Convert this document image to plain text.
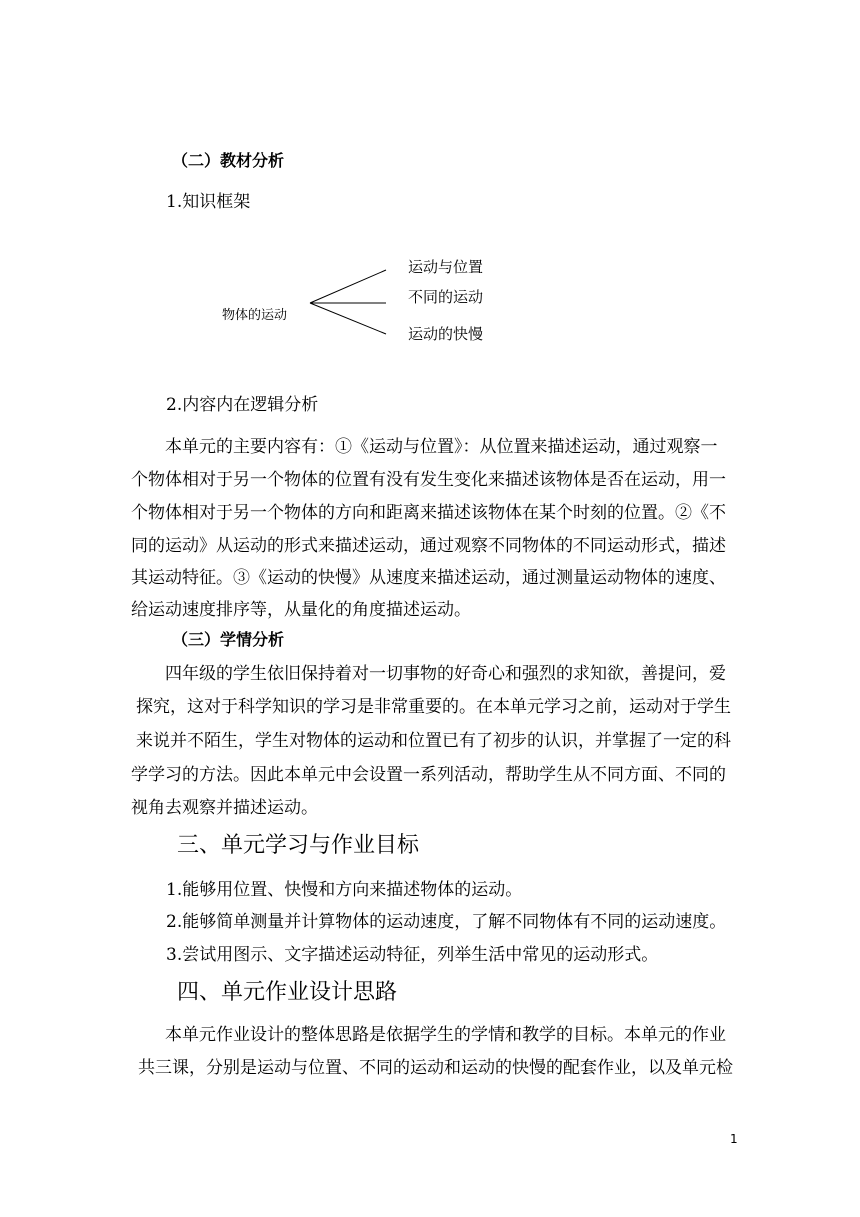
（二）教材分析
1.知识框架
物体的运动
运动与位置
不同的运动
运动的快慢
2.内容内在逻辑分析
本单元的主要内容有：①《运动与位置》：从位置来描述运动，通过观察一
个物体相对于另一个物体的位置有没有发生变化来描述该物体是否在运动，用一
个物体相对于另一个物体的方向和距离来描述该物体在某个时刻的位置。②《不
同的运动》从运动的形式来描述运动，通过观察不同物体的不同运动形式，描述
其运动特征。③《运动的快慢》从速度来描述运动，通过测量运动物体的速度、
给运动速度排序等，从量化的角度描述运动。
（三）学情分析
四年级的学生依旧保持着对一切事物的好奇心和强烈的求知欲，善提问，爱
探究，这对于科学知识的学习是非常重要的。在本单元学习之前，运动对于学生
来说并不陌生，学生对物体的运动和位置已有了初步的认识，并掌握了一定的科
学学习的方法。因此本单元中会设置一系列活动，帮助学生从不同方面、不同的
视角去观察并描述运动。
三、单元学习与作业目标
1.能够用位置、快慢和方向来描述物体的运动。
2.能够简单测量并计算物体的运动速度，了解不同物体有不同的运动速度。
3.尝试用图示、文字描述运动特征，列举生活中常见的运动形式。
四、单元作业设计思路
本单元作业设计的整体思路是依据学生的学情和教学的目标。本单元的作业
共三课，分别是运动与位置、不同的运动和运动的快慢的配套作业，以及单元检
1
